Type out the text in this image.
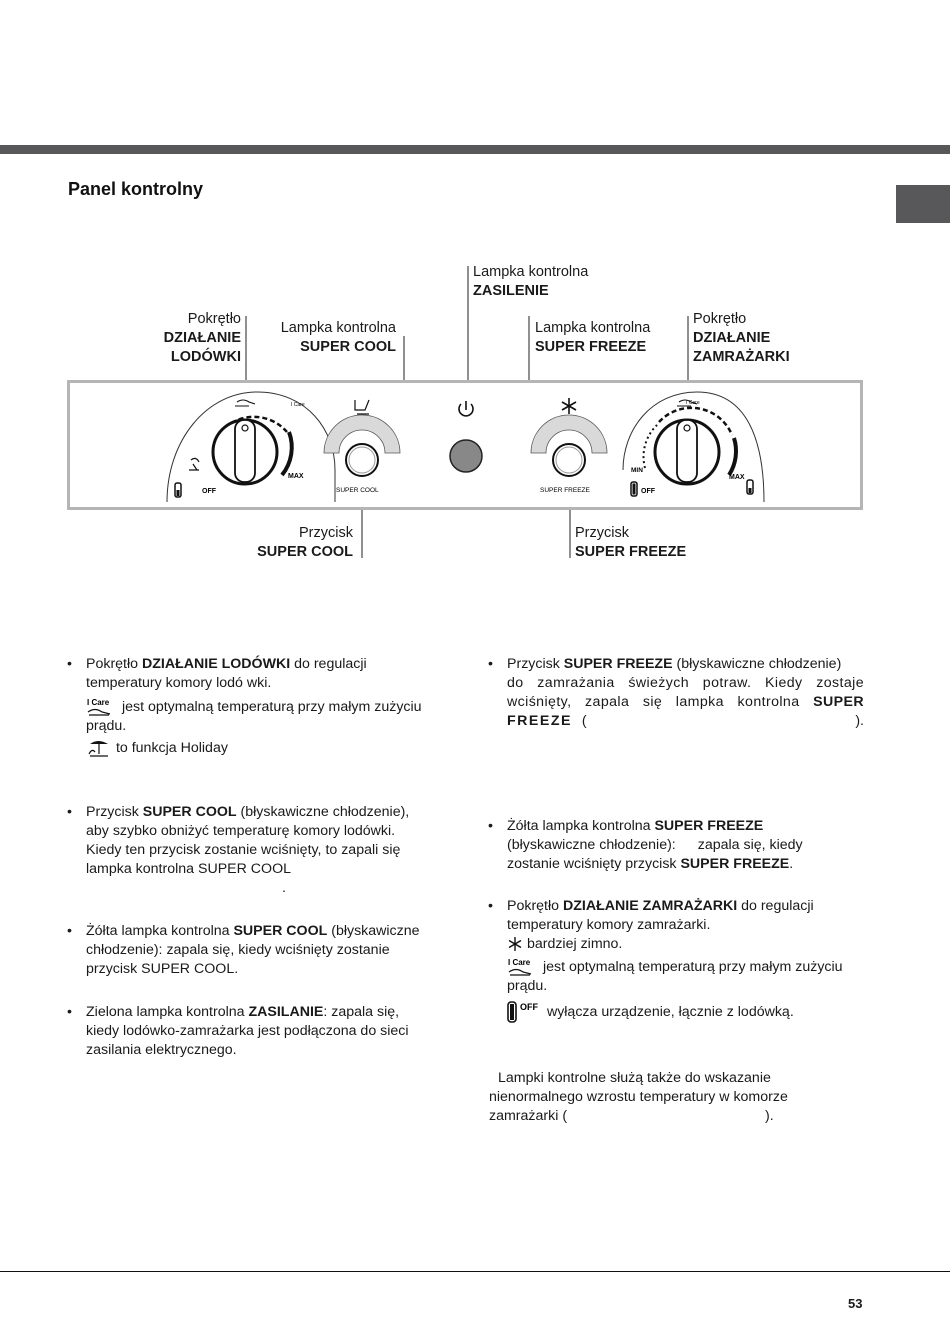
Panel kontrolny
Lampka kontrolna
ZASILENIE
Pokrętło
DZIAŁANIE
LODÓWKI
Lampka kontrolna
SUPER COOL
Lampka kontrolna
SUPER FREEZE
Pokrętło
DZIAŁANIE
ZAMRAŻARKI
Przycisk
SUPER COOL
Przycisk
SUPER FREEZE
OFF
MAX
I Care
SUPER COOL	SUPER FREEZE
I Care
MIN
OFF
MAX
• Pokrętło DZIAŁANIE LODÓWKI do regulacji
temperatury komory lodó wki.
I Care jest optymalną temperaturą przy małym zużyciu
prądu.
to funkcja Holiday
• Przycisk SUPER COOL (błyskawiczne chłodzenie),
aby szybko obniżyć temperaturę komory lodówki.
Kiedy ten przycisk zostanie wciśnięty, to zapali się
lampka kontrolna SUPER COOL
.
• Żółta lampka kontrolna SUPER COOL (błyskawiczne
chłodzenie): zapala się, kiedy wciśnięty zostanie
przycisk SUPER COOL.
• Zielona lampka kontrolna ZASILANIE: zapala się,
kiedy lodówko-zamrażarka jest podłączona do sieci
zasilania elektrycznego.
• Przycisk SUPER FREEZE (błyskawiczne chłodzenie)
do zamrażania świeżych potraw. Kiedy zostaje
wciśnięty, zapala się lampka kontrolna SUPER
FREEZE (	).
• Żółta lampka kontrolna SUPER FREEZE
(błyskawiczne chłodzenie): zapala się, kiedy
zostanie wciśnięty przycisk SUPER FREEZE.
• Pokrętło DZIAŁANIE ZAMRAŻARKI do regulacji
temperatury komory zamrażarki.
bardziej zimno.
I Care jest optymalną temperaturą przy małym zużyciu
prądu.
OFF wyłącza urządzenie, łącznie z lodówką.
Lampki kontrolne służą także do wskazanie
nienormalnego wzrostu temperatury w komorze
zamrażarki (	).
53
